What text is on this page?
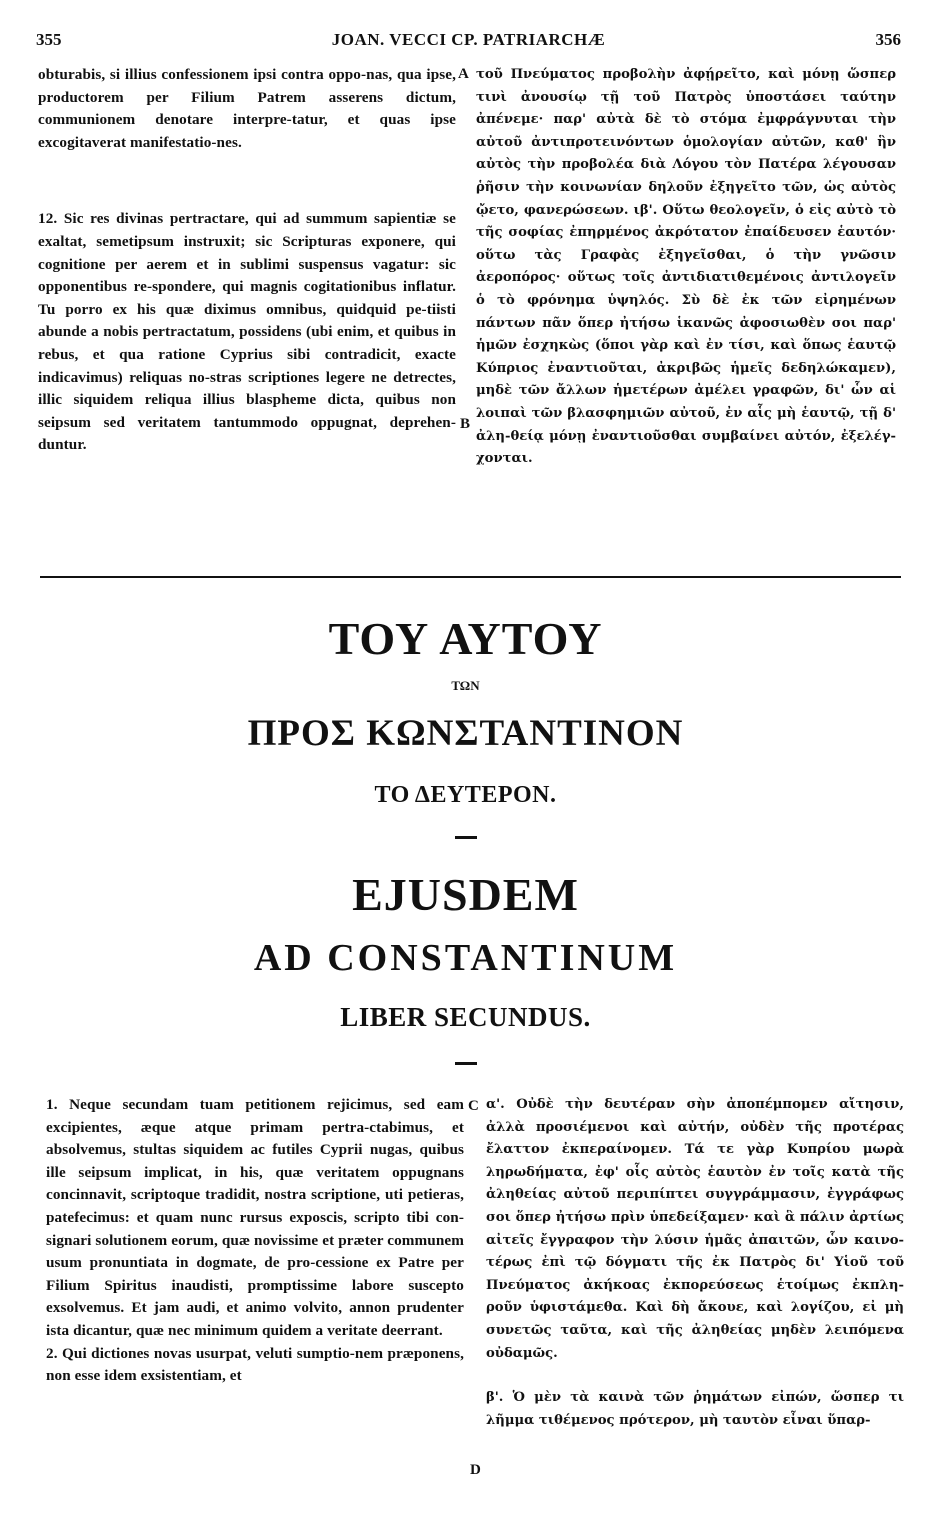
355	JOAN. VECCI CP. PATRIARCHÆ	356

obturabis, si illius confessionem ipsi contra oppo-nas, qua ipse, productorem per Filium Patrem asserens dictum, communionem denotare interpre-tatur, et quas ipse excogitaverat manifestatio-nes.

12. Sic res divinas pertractare, qui ad summum sapientiæ se exaltat, semetipsum instruxit; sic Scripturas exponere, qui cognitione per aerem et in sublimi suspensus vagatur: sic opponentibus re-spondere, qui magnis cogitationibus inflatur. Tu porro ex his quæ diximus omnibus, quidquid pe-tiisti abunde a nobis pertractatum, possidens (ubi enim, et quibus in rebus, et qua ratione Cyprius sibi contradicit, exacte indicavimus) reliquas no-stras scriptiones legere ne detrectes, illic siquidem reliqua illius blaspheme dicta, quibus non seipsum sed veritatem tantummodo oppugnat, deprehen-duntur.

τοῦ Πνεύματος προβολὴν ἀφῄρεῖτο, καὶ μόνῃ ὥσπερ τινὶ ἀνουσίῳ τῇ τοῦ Πατρὸς ὑποστάσει ταύτην ἀπένεμε· παρ' αὐτὰ δὲ τὸ στόμα ἐμφράγνυται τὴν αὐτοῦ ἀντιπροτεινόντων ὁμολογίαν αὐτῶν, καθ' ἣν αὐτὸς τὴν προβολέα διὰ Λόγου τὸν Πατέρα λέγουσαν ῥῆσιν τὴν κοινωνίαν δηλοῦν ἐξηγεῖτο τῶν, ὡς αὐτὸς ᾤετο, φανερώσεων. ιβ'. Οὕτω θεολογεῖν, ὁ εἰς αὐτὸ τὸ τῆς σοφίας ἐπηρμένος ἀκρότατον ἐπαίδευσεν ἑαυτόν· οὕτω τὰς Γραφὰς ἐξηγεῖσθαι, ὁ τὴν γνῶσιν ἀεροπόρος· οὕτως τοῖς ἀντιδιατιθεμένοις ἀντιλογεῖν ὁ τὸ φρόνημα ὑψηλός. Σὺ δὲ ἐκ τῶν εἰρημένων πάντων πᾶν ὅπερ ἠτήσω ἱκανῶς ἀφοσιωθὲν σοι παρ' ἡμῶν ἐσχηκὼς (ὅποι γὰρ καὶ ἐν τίσι, καὶ ὅπως ἑαυτῷ Κύπριος ἐναντιοῦται, ἀκριβῶς ἡμεῖς δεδηλώκαμεν), μηδὲ τῶν ἄλλων ἡμετέρων ἀμέλει γραφῶν, δι' ὧν αἱ λοιπαὶ τῶν βλασφημιῶν αὐτοῦ, ἐν αἷς μὴ ἑαυτῷ, τῇ δ' ἀλη-θείᾳ μόνῃ ἐναντιοῦσθαι συμβαίνει αὐτόν, ἐξελέγ-χονται.

A
B
ΤΟΥ ΑΥΤΟΥ
ΤΩΝ
ΠΡΟΣ ΚΩΝΣΤΑΝΤΙΝΟΝ
ΤΟ ΔΕΥΤΕΡΟΝ.
EJUSDEM
AD CONSTANTINUM
LIBER SECUNDUS.

1. Neque secundam tuam petitionem rejicimus, sed eam excipientes, æque atque primam pertra-ctabimus, et absolvemus, stultas siquidem ac futiles Cyprii nugas, quibus ille seipsum implicat, in his, quæ veritatem oppugnans concinnavit, scriptoque tradidit, nostra scriptione, uti petieras, patefecimus: et quam nunc rursus exposcis, scripto tibi con-signari solutionem eorum, quæ novissime et præter communem usum pronuntiata in dogmate, de pro-cessione ex Patre per Filium Spiritus inaudisti, promptissime labore suscepto exsolvemus. Et jam audi, et animo volvito, annon prudenter ista dicantur, quæ nec minimum quidem a veritate deerrant.

2. Qui dictiones novas usurpat, veluti sumptio-nem præponens, non esse idem exsistentiam, et

α'. Οὐδὲ τὴν δευτέραν σὴν ἀποπέμπομεν αἴτησιν, ἀλλὰ προσιέμενοι καὶ αὐτήν, οὐδὲν τῆς προτέρας ἔλαττον ἐκπεραίνομεν. Τά τε γὰρ Κυπρίου μωρὰ ληρωδήματα, ἐφ' οἷς αὐτὸς ἑαυτὸν ἐν τοῖς κατὰ τῆς ἀληθείας αὐτοῦ περιπίπτει συγγράμμασιν, ἐγγράφως σοι ὅπερ ἠτήσω πρὶν ὑπεδείξαμεν· καὶ ἃ πάλιν ἀρτίως αἰτεῖς ἔγγραφον τὴν λύσιν ἡμᾶς ἀπαιτῶν, ὧν καινο-τέρως ἐπὶ τῷ δόγματι τῆς ἐκ Πατρὸς δι' Υἱοῦ τοῦ Πνεύματος ἀκήκοας ἐκπορεύσεως ἑτοίμως ἐκπλη-ροῦν ὑφιστάμεθα. Καὶ δὴ ἄκουε, καὶ λογίζου, εἰ μὴ συνετῶς ταῦτα, καὶ τῆς ἀληθείας μηδὲν λειπόμενα οὐδαμῶς.

β'. Ὁ μὲν τὰ καινὰ τῶν ῥημάτων εἰπών, ὥσπερ τι λῆμμα τιθέμενος πρότερον, μὴ ταυτὸν εἶναι ὕπαρ-

C
D
